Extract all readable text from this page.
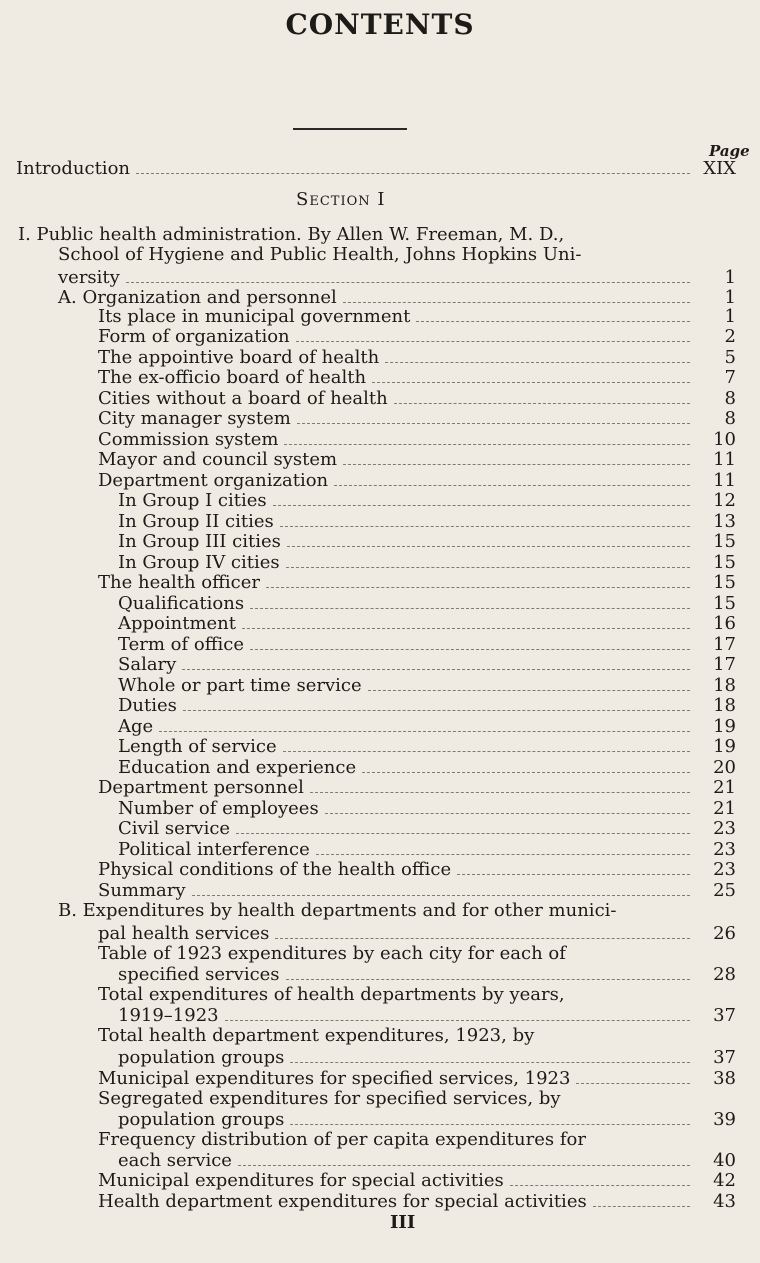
CONTENTS
Page
Section I
Introduction	XIX
I. Public health administration. By Allen W. Freeman, M. D.,
School of Hygiene and Public Health, Johns Hopkins Uni-
versity	1
A. Organization and personnel	1
Its place in municipal government	1
Form of organization	2
The appointive board of health	5
The ex-officio board of health	7
Cities without a board of health	8
City manager system	8
Commission system	10
Mayor and council system	11
Department organization	11
In Group I cities	12
In Group II cities	13
In Group III cities	15
In Group IV cities	15
The health officer	15
Qualifications	15
Appointment	16
Term of office	17
Salary	17
Whole or part time service	18
Duties	18
Age	19
Length of service	19
Education and experience	20
Department personnel	21
Number of employees	21
Civil service	23
Political interference	23
Physical conditions of the health office	23
Summary	25
B. Expenditures by health departments and for other munici-
pal health services	26
Table of 1923 expenditures by each city for each of
specified services	28
Total expenditures of health departments by years,
1919–1923	37
Total health department expenditures, 1923, by
population groups	37
Municipal expenditures for specified services, 1923	38
Segregated expenditures for specified services, by
population groups	39
Frequency distribution of per capita expenditures for
each service	40
Municipal expenditures for special activities	42
Health department expenditures for special activities	43
III
